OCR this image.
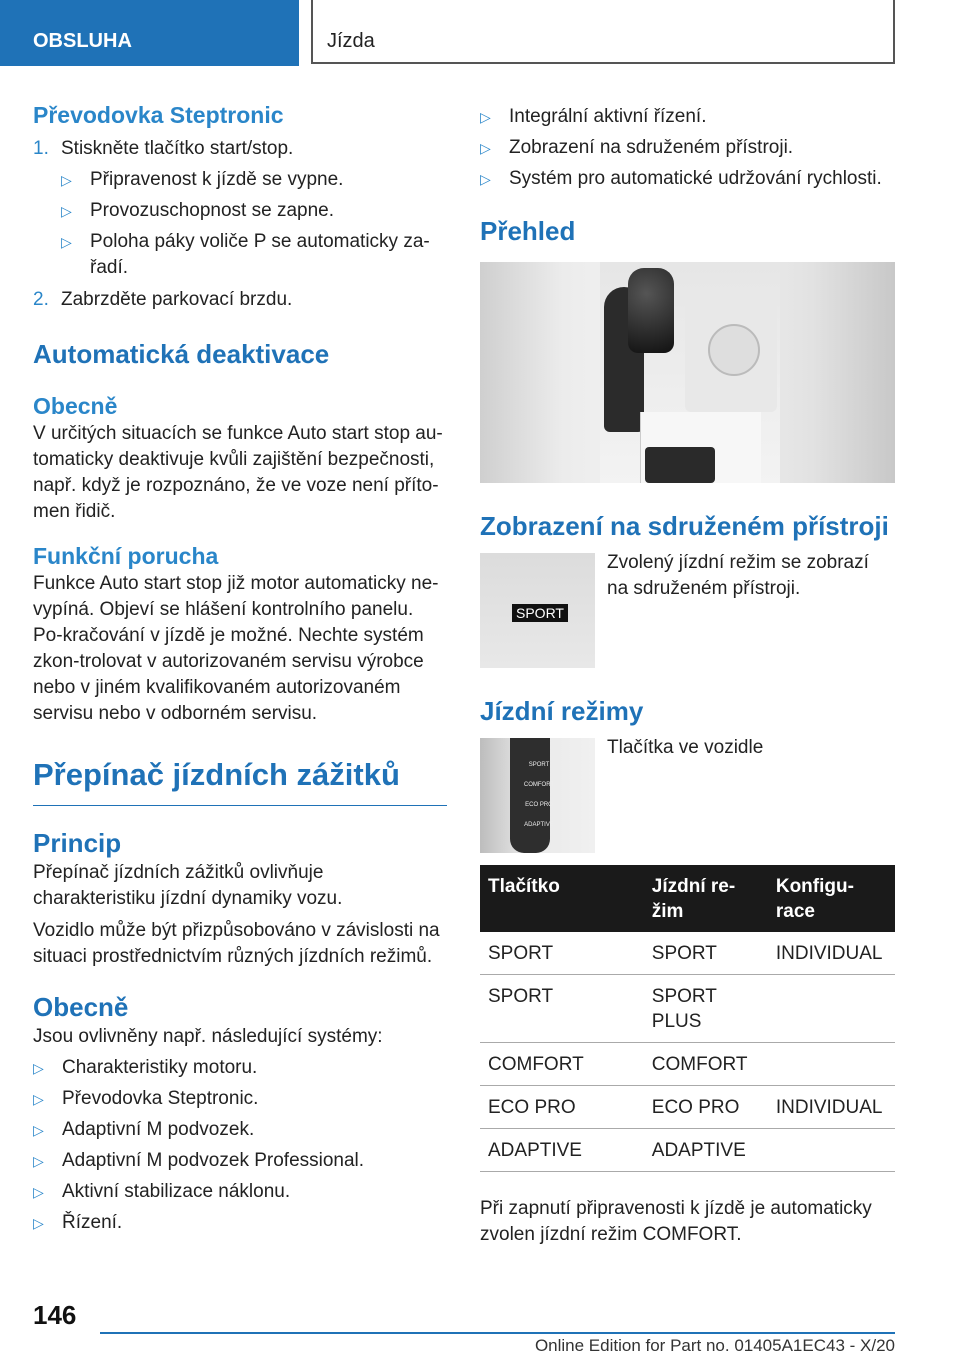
OBSLUHA	Jízda
Převodovka Steptronic
1. Stiskněte tlačítko start/stop.
▷ Připravenost k jízdě se vypne.
▷ Provozuschopnost se zapne.
▷ Poloha páky voliče P se automaticky za-řadí.
2. Zabrzděte parkovací brzdu.
Automatická deaktivace
Obecně

V určitých situacích se funkce Auto start stop au-tomaticky deaktivuje kvůli zajištění bezpečnosti, např. když je rozpoznáno, že ve voze není příto-men řidič.

Funkční porucha

Funkce Auto start stop již motor automaticky ne-vypíná. Objeví se hlášení kontrolního panelu. Po-kračování v jízdě je možné. Nechte systém zkon-trolovat v autorizovaném servisu výrobce nebo v jiném kvalifikovaném autorizovaném servisu nebo v odborném servisu.

Přepínač jízdních zážitků
Princip

Přepínač jízdních zážitků ovlivňuje charakteristiku jízdní dynamiky vozu.

Vozidlo může být přizpůsobováno v závislosti na situaci prostřednictvím různých jízdních režimů.

Obecně

Jsou ovlivněny např. následující systémy:

▷ Charakteristiky motoru.
▷ Převodovka Steptronic.
▷ Adaptivní M podvozek.
▷ Adaptivní M podvozek Professional.
▷ Aktivní stabilizace náklonu.
▷ Řízení.
▷ Integrální aktivní řízení.
▷ Zobrazení na sdruženém přístroji.
▷ Systém pro automatické udržování rychlosti.
Přehled
Zobrazení na sdruženém přístroji
SPORT

Zvolený jízdní režim se zobrazí na sdruženém přístroji.

Jízdní režimy
SPORT
COMFORT
ECO PRO
ADAPTIVE

Tlačítka ve vozidle

Tlačítko	Jízdní re-žim	Konfigu-race
SPORT	SPORT	INDIVIDUAL
SPORT	SPORT PLUS	
COMFORT	COMFORT	
ECO PRO	ECO PRO	INDIVIDUAL
ADAPTIVE	ADAPTIVE	

Při zapnutí připravenosti k jízdě je automaticky zvolen jízdní režim COMFORT.

146
Online Edition for Part no. 01405A1EC43 - X/20
